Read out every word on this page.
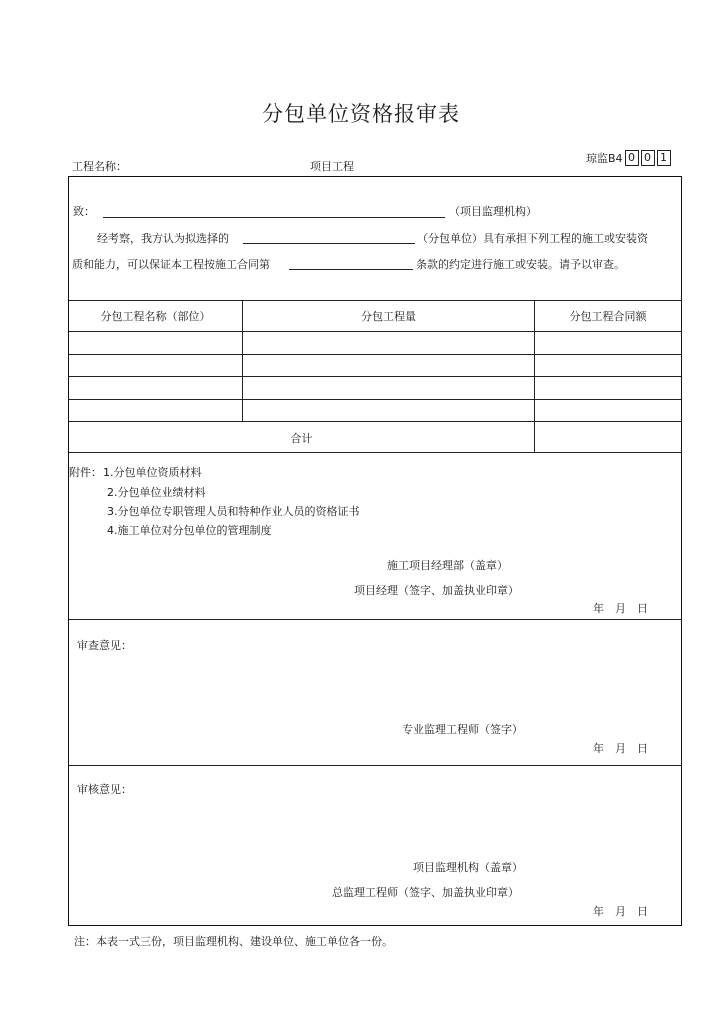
分包单位资格报审表
工程名称：	项目工程
琼监B4 0 0 1
致：	（项目监理机构）
经考察，我方认为拟选择的	（分包单位）具有承担下列工程的施工或安装资
质和能力，可以保证本工程按施工合同第	条款的约定进行施工或安装。请予以审查。
分包工程名称（部位）	分包工程量	分包工程合同额
合计
附件： 1.分包单位资质材料
2.分包单位业绩材料
3.分包单位专职管理人员和特种作业人员的资格证书
4.施工单位对分包单位的管理制度
施工项目经理部（盖章）
项目经理（签字、加盖执业印章）
年　月　日
审查意见：
专业监理工程师（签字）
年　月　日
审核意见：
项目监理机构（盖章）
总监理工程师（签字、加盖执业印章）
年　月　日
注：本表一式三份，项目监理机构、建设单位、施工单位各一份。
